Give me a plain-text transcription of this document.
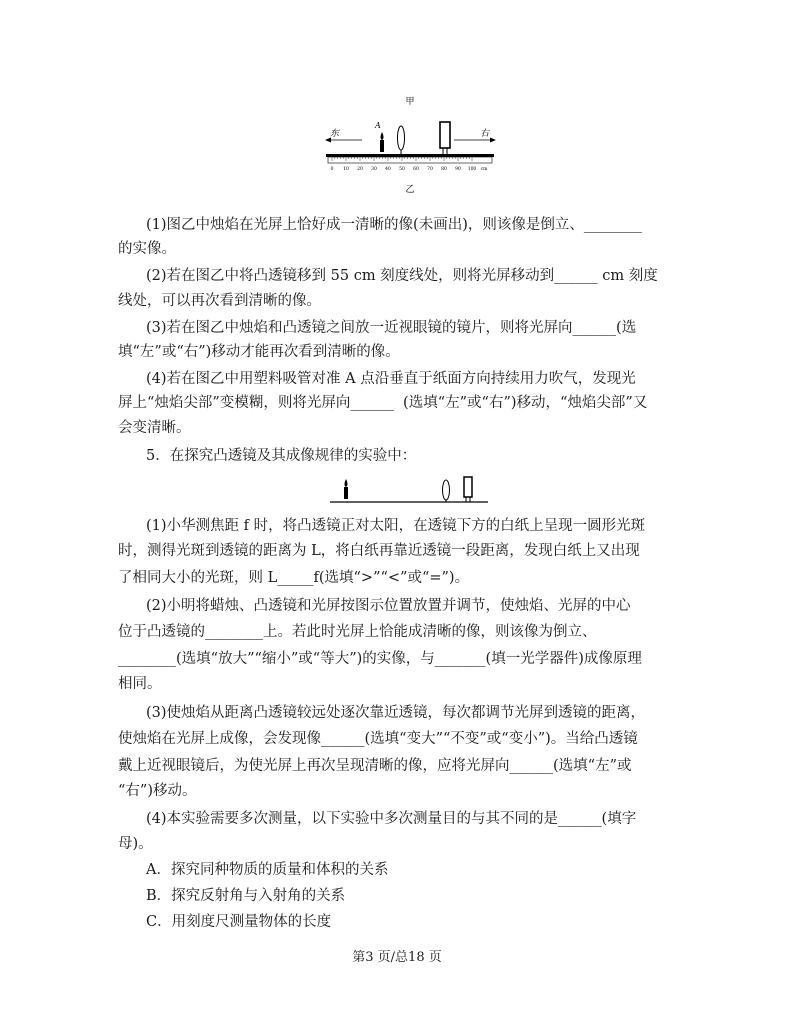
甲
东	右
A
0 10 20 30 40 50 60 70 80 90 100 cm
乙
(1)图乙中烛焰在光屏上恰好成一清晰的像(未画出)，则该像是倒立、________
的实像。
(2)若在图乙中将凸透镜移到 55 cm 刻度线处，则将光屏移动到______ cm 刻度
线处，可以再次看到清晰的像。
(3)若在图乙中烛焰和凸透镜之间放一近视眼镜的镜片，则将光屏向______(选
填“左”或“右”)移动才能再次看到清晰的像。
(4)若在图乙中用塑料吸管对准 A 点沿垂直于纸面方向持续用力吹气，发现光
屏上“烛焰尖部”变模糊，则将光屏向______  (选填“左”或“右”)移动，“烛焰尖部”又
会变清晰。
5．在探究凸透镜及其成像规律的实验中：
(1)小华测焦距 f 时，将凸透镜正对太阳，在透镜下方的白纸上呈现一圆形光斑
时，测得光斑到透镜的距离为 L，将白纸再靠近透镜一段距离，发现白纸上又出现
了相同大小的光斑，则 L_____f(选填“>”“<”或“=”)。
(2)小明将蜡烛、凸透镜和光屏按图示位置放置并调节，使烛焰、光屏的中心
位于凸透镜的________上。若此时光屏上恰能成清晰的像，则该像为倒立、
________(选填“放大”“缩小”或“等大”)的实像，与_______(填一光学器件)成像原理
相同。
(3)使烛焰从距离凸透镜较远处逐次靠近透镜，每次都调节光屏到透镜的距离，
使烛焰在光屏上成像，会发现像______(选填“变大”“不变”或“变小”)。当给凸透镜
戴上近视眼镜后，为使光屏上再次呈现清晰的像，应将光屏向______(选填“左”或
“右”)移动。
(4)本实验需要多次测量，以下实验中多次测量目的与其不同的是______(填字
母)。
A．探究同种物质的质量和体积的关系
B．探究反射角与入射角的关系
C．用刻度尺测量物体的长度
第3 页/总18 页
